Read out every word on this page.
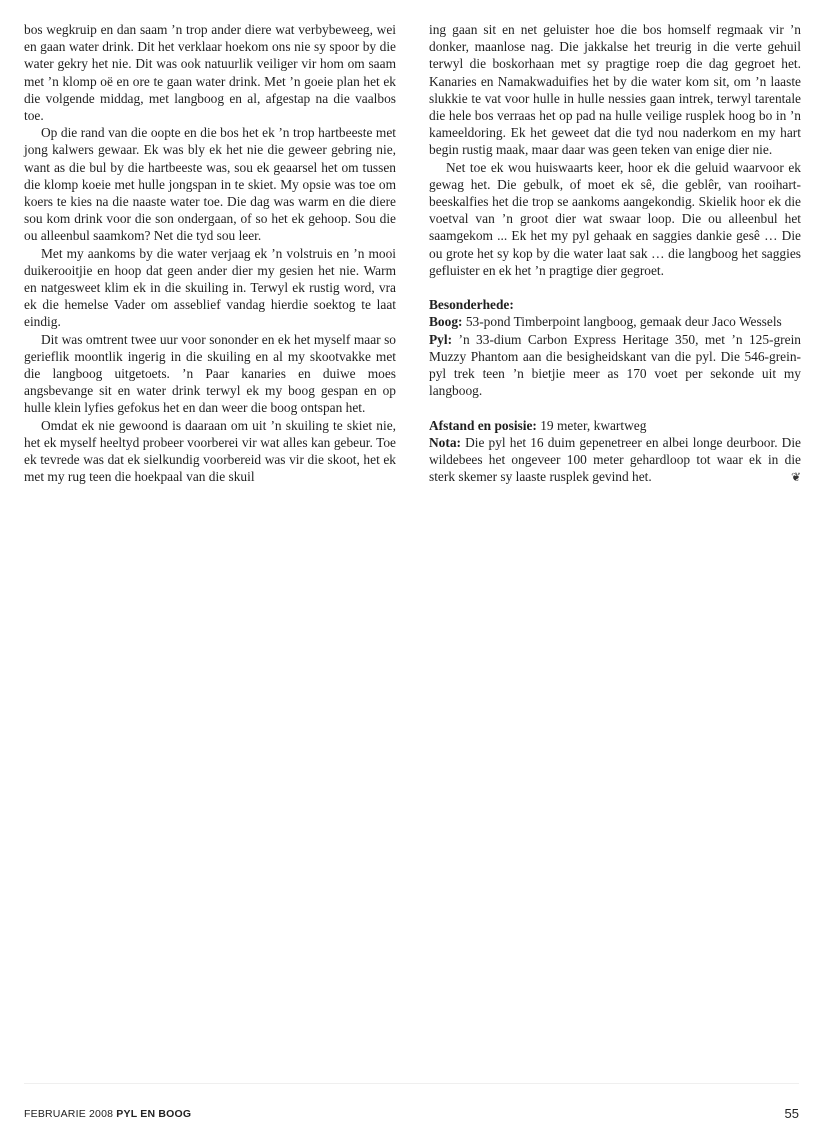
bos wegkruip en dan saam ’n trop ander diere wat verbybeweeg, wei en gaan water drink. Dit het verklaar hoekom ons nie sy spoor by die water gekry het nie. Dit was ook natuurlik veiliger vir hom om saam met ’n klomp oë en ore te gaan water drink. Met ’n goeie plan het ek die volgende middag, met langboog en al, afgestap na die vaalbos toe.

Op die rand van die oopte en die bos het ek ’n trop hartbeeste met jong kalwers gewaar. Ek was bly ek het nie die geweer gebring nie, want as die bul by die hartbeeste was, sou ek geaarsel het om tussen die klomp koeie met hulle jongspan in te skiet. My opsie was toe om koers te kies na die naaste water toe. Die dag was warm en die diere sou kom drink voor die son ondergaan, of so het ek gehoop. Sou die ou alleenbul saamkom? Net die tyd sou leer.

Met my aankoms by die water verjaag ek ’n volstruis en ’n mooi duikerooitjie en hoop dat geen ander dier my gesien het nie. Warm en natgesweet klim ek in die skuiling in. Terwyl ek rustig word, vra ek die hemelse Vader om asseblief vandag hierdie soektog te laat eindig.

Dit was omtrent twee uur voor sononder en ek het myself maar so gerieflik moontlik ingerig in die skuiling en al my skootvakke met die langboog uitgetoets. ’n Paar kanaries en duiwe moes angsbevange sit en water drink terwyl ek my boog gespan en op hulle klein lyfies gefokus het en dan weer die boog ontspan het.

Omdat ek nie gewoond is daaraan om uit ’n skuiling te skiet nie, het ek myself heeltyd probeer voorberei vir wat alles kan gebeur. Toe ek tevrede was dat ek sielkundig voorbereid was vir die skoot, het ek met my rug teen die hoekpaal van die skuil

ing gaan sit en net geluister hoe die bos homself regmaak vir ’n donker, maanlose nag. Die jakkalse het treurig in die verte gehuil terwyl die boskorhaan met sy pragtige roep die dag gegroet het. Kanaries en Namakwaduifies het by die water kom sit, om ’n laaste slukkie te vat voor hulle in hulle nessies gaan intrek, terwyl tarentale die hele bos verraas het op pad na hulle veilige rusplek hoog bo in ’n kameeldoring. Ek het geweet dat die tyd nou naderkom en my hart begin rustig maak, maar daar was geen teken van enige dier nie.

Net toe ek wou huiswaarts keer, hoor ek die geluid waarvoor ek gewag het. Die gebulk, of moet ek sê, die geblêr, van rooihartbeeskalfies het die trop se aankoms aangekondig. Skielik hoor ek die voetval van ’n groot dier wat swaar loop. Die ou alleenbul het saamgekom ... Ek het my pyl gehaak en saggies dankie gesê … Die ou grote het sy kop by die water laat sak … die langboog het saggies gefluister en ek het ’n pragtige dier gegroet.

Besonderhede:

Boog: 53-pond Timberpoint langboog, gemaak deur Jaco Wessels

Pyl: ’n 33-dium Carbon Express Heritage 350, met ’n 125-grein Muzzy Phantom aan die besigheidskant van die pyl. Die 546-grein-pyl trek teen ’n bietjie meer as 170 voet per sekonde uit my langboog.

Afstand en posisie: 19 meter, kwartweg

Nota: Die pyl het 16 duim gepenetreer en albei longe deurboor. Die wildebees het ongeveer 100 meter gehardloop tot waar ek in die sterk skemer sy laaste rusplek gevind het.	❦

FEBRUARIE 2008 PYL EN BOOG	55
